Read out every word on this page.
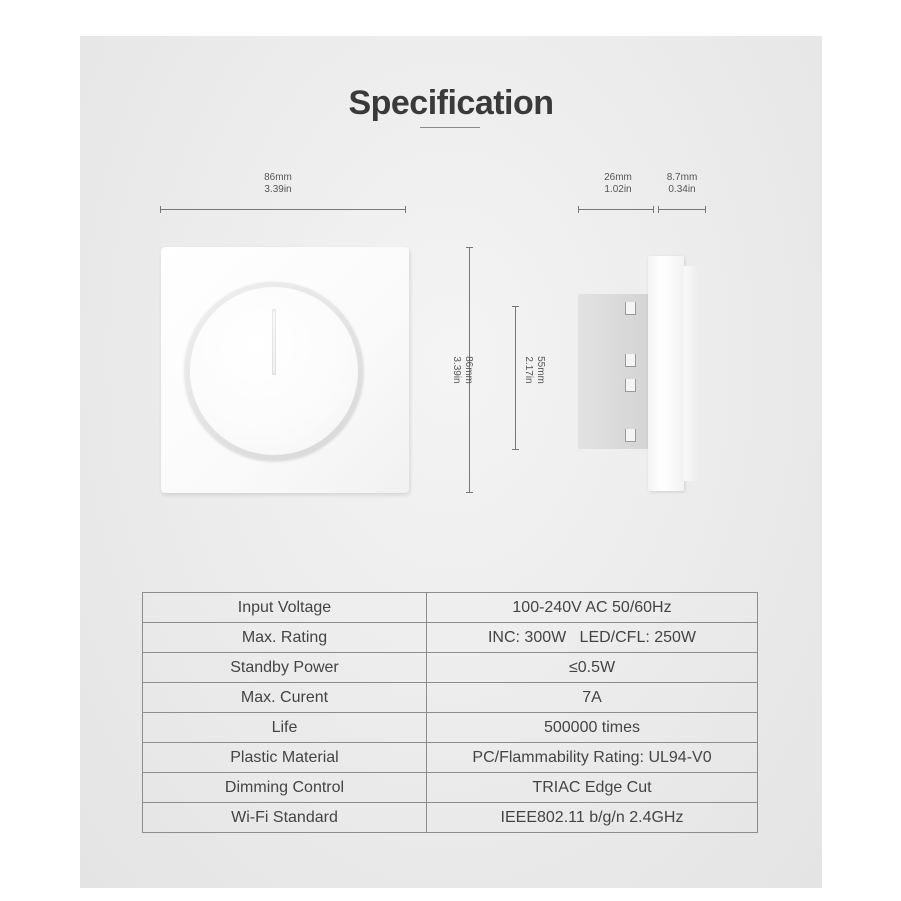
Specification
86mm
3.39in
86mm
3.39in	55mm
2.17in
26mm
1.02in
8.7mm
0.34in
Input Voltage	100-240V AC 50/60Hz
Max. Rating	INC: 300W   LED/CFL: 250W
Standby Power	≤0.5W
Max. Curent	7A
Life	500000 times
Plastic Material	PC/Flammability Rating: UL94-V0
Dimming Control	TRIAC Edge Cut
Wi-Fi Standard	IEEE802.11 b/g/n 2.4GHz
